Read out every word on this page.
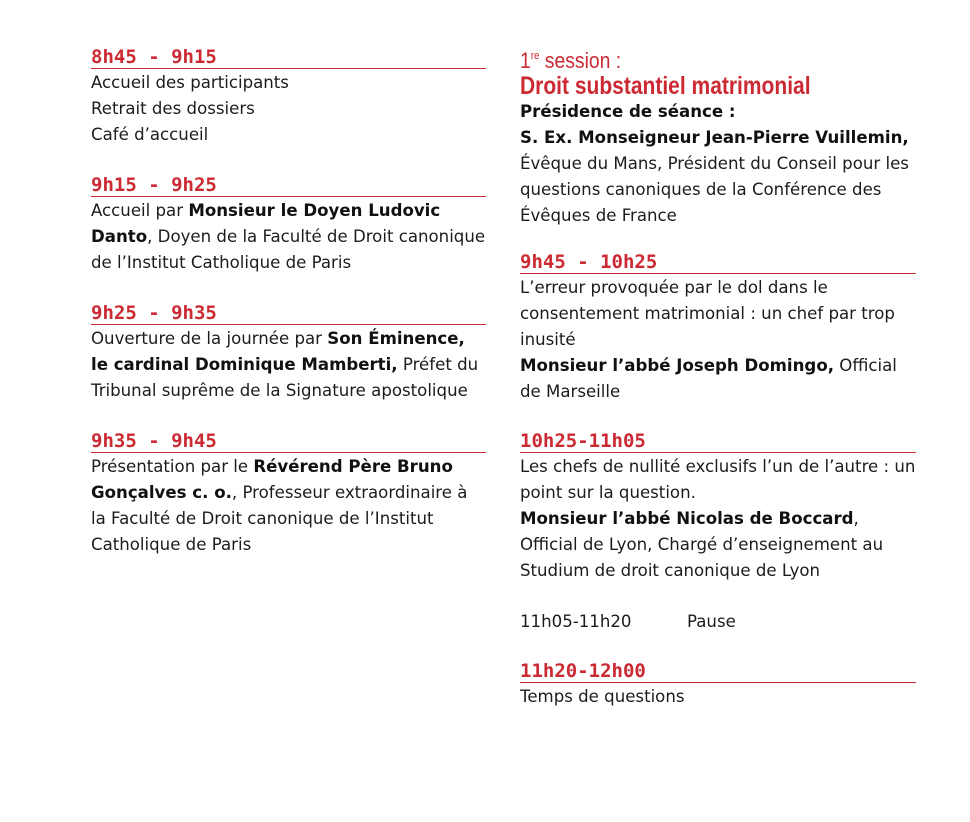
8h45 - 9h15
Accueil des participants
Retrait des dossiers
Café d’accueil
9h15 - 9h25
Accueil par Monsieur le Doyen Ludovic Danto, Doyen de la Faculté de Droit canonique de l’Institut Catholique de Paris
9h25 - 9h35
Ouverture de la journée par Son Éminence, le cardinal Dominique Mamberti, Préfet du Tribunal suprême de la Signature apostolique
9h35 - 9h45
Présentation par le Révérend Père Bruno Gonçalves c. o., Professeur extraordinaire à la Faculté de Droit canonique de l’Institut Catholique de Paris
1re session :
Droit substantiel matrimonial
Présidence de séance :
S. Ex. Monseigneur Jean-Pierre Vuillemin,
Évêque du Mans, Président du Conseil pour les questions canoniques de la Conférence des Évêques de France
9h45 - 10h25
L’erreur provoquée par le dol dans le consentement matrimonial : un chef par trop inusité
Monsieur l’abbé Joseph Domingo, Official de Marseille
10h25-11h05
Les chefs de nullité exclusifs l’un de l’autre : un point sur la question.
Monsieur l’abbé Nicolas de Boccard, Official de Lyon, Chargé d’enseignement au Studium de droit canonique de Lyon
11h05-11h20	Pause
11h20-12h00
Temps de questions
